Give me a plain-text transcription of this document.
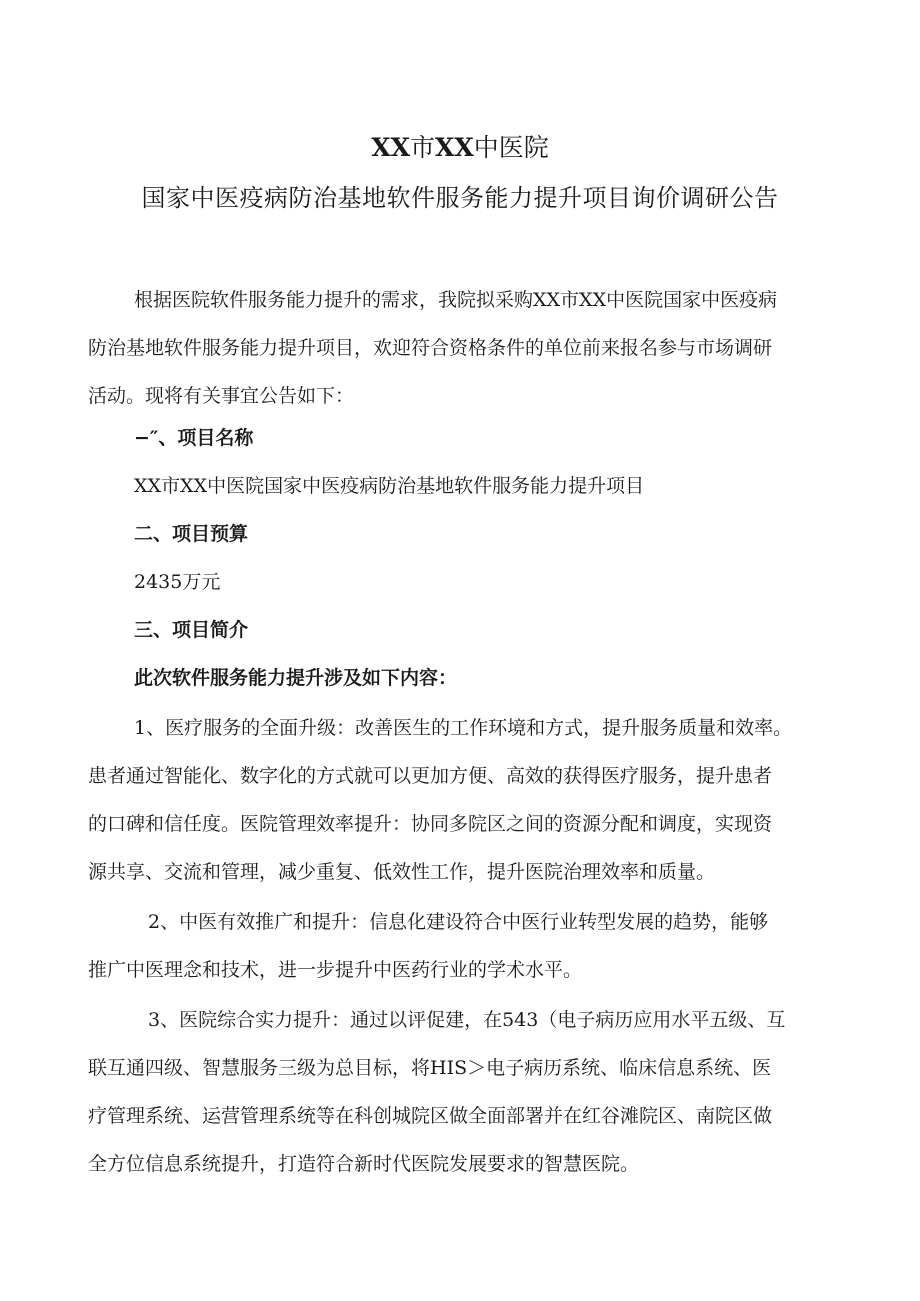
XX市XX中医院
国家中医疫病防治基地软件服务能力提升项目询价调研公告
根据医院软件服务能力提升的需求，我院拟采购XX市XX中医院国家中医疫病
防治基地软件服务能力提升项目，欢迎符合资格条件的单位前来报名参与市场调研
活动。现将有关事宜公告如下：
−″、项目名称
XX市XX中医院国家中医疫病防治基地软件服务能力提升项目
二、项目预算
2435万元
三、项目简介
此次软件服务能力提升涉及如下内容：
1、医疗服务的全面升级：改善医生的工作环境和方式，提升服务质量和效率。
患者通过智能化、数字化的方式就可以更加方便、高效的获得医疗服务，提升患者
的口碑和信任度。医院管理效率提升：协同多院区之间的资源分配和调度，实现资
源共享、交流和管理，减少重复、低效性工作，提升医院治理效率和质量。
2、中医有效推广和提升：信息化建设符合中医行业转型发展的趋势，能够
推广中医理念和技术，进一步提升中医药行业的学术水平。
3、医院综合实力提升：通过以评促建，在543（电子病历应用水平五级、互
联互通四级、智慧服务三级为总目标，将HIS＞电子病历系统、临床信息系统、医
疗管理系统、运营管理系统等在科创城院区做全面部署并在红谷滩院区、南院区做
全方位信息系统提升，打造符合新时代医院发展要求的智慧医院。
